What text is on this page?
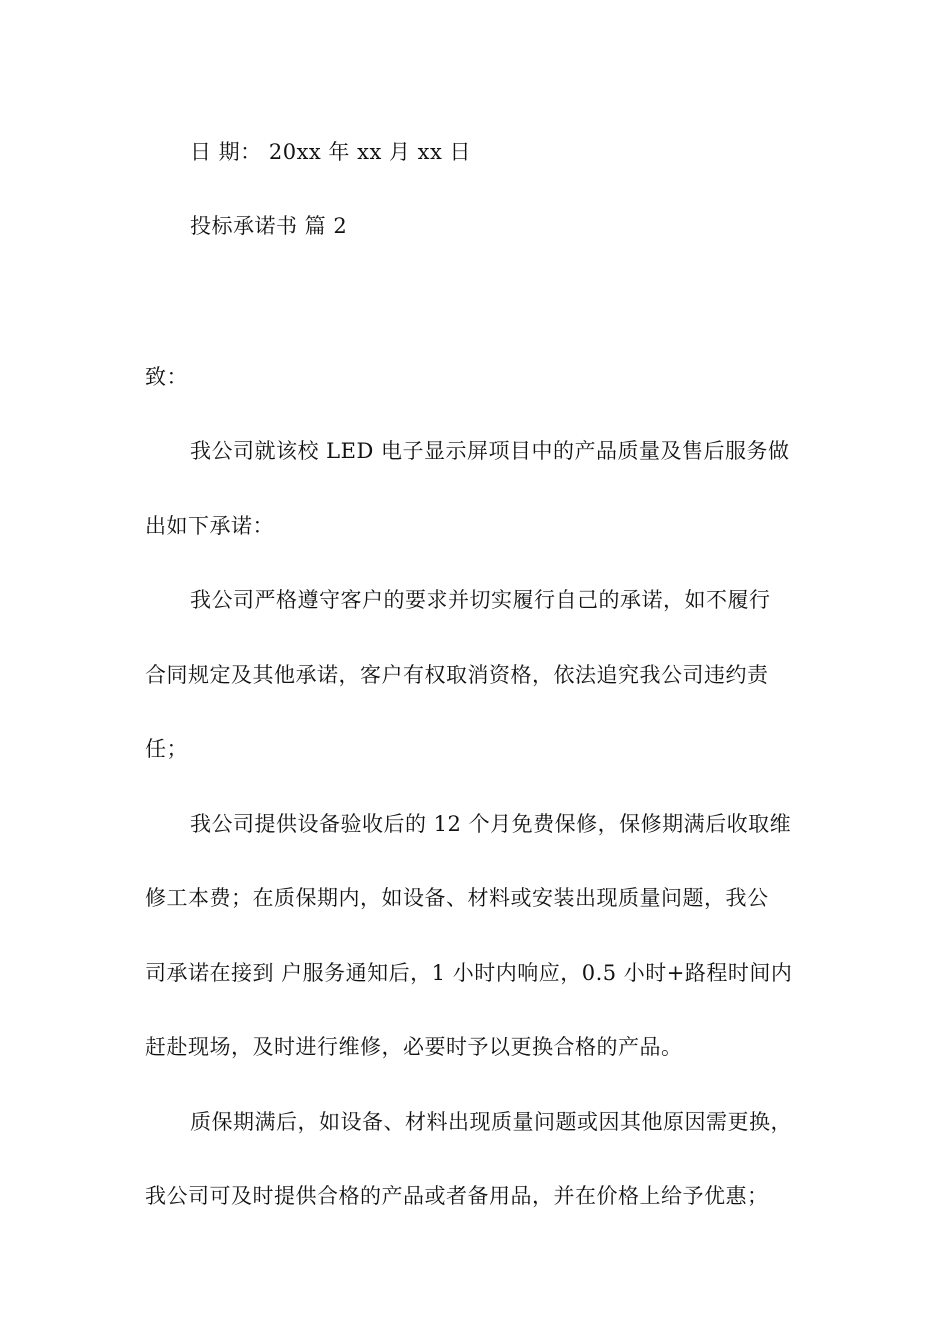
日 期： 20xx 年 xx 月 xx 日
投标承诺书 篇 2
致：
我公司就该校 LED 电子显示屏项目中的产品质量及售后服务做
出如下承诺：
我公司严格遵守客户的要求并切实履行自己的承诺，如不履行
合同规定及其他承诺，客户有权取消资格，依法追究我公司违约责
任；
我公司提供设备验收后的 12 个月免费保修，保修期满后收取维
修工本费；在质保期内，如设备、材料或安装出现质量问题，我公
司承诺在接到 户服务通知后，1 小时内响应，0.5 小时+路程时间内
赶赴现场，及时进行维修，必要时予以更换合格的产品。
质保期满后，如设备、材料出现质量问题或因其他原因需更换，
我公司可及时提供合格的产品或者备用品，并在价格上给予优惠；
